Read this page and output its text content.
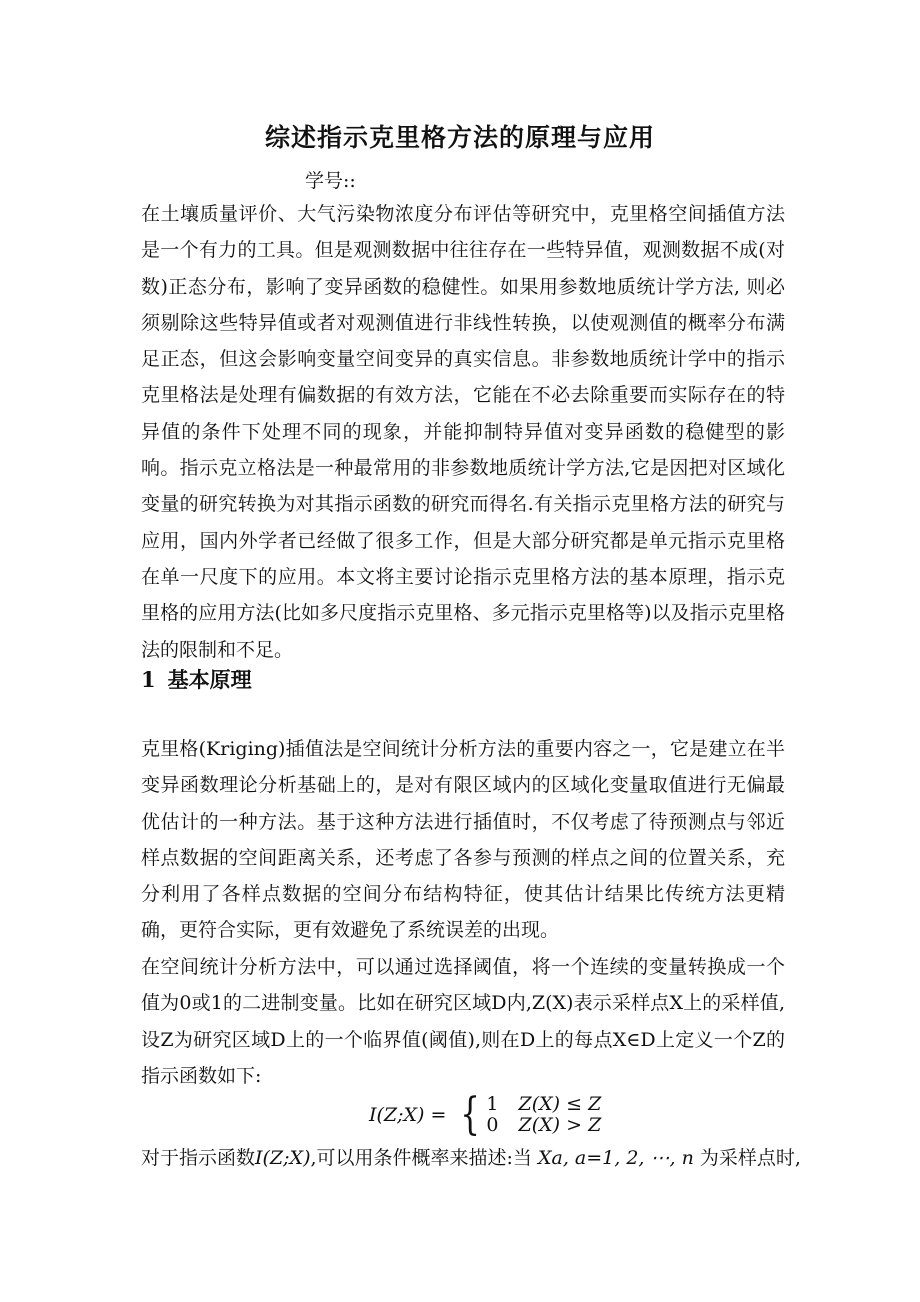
综述指示克里格方法的原理与应用
学号::

在土壤质量评价、大气污染物浓度分布评估等研究中，克里格空间插值方法是一个有力的工具。但是观测数据中往往存在一些特异值，观测数据不成(对数)正态分布，影响了变异函数的稳健性。如果用参数地质统计学方法, 则必须剔除这些特异值或者对观测值进行非线性转换，以使观测值的概率分布满足正态，但这会影响变量空间变异的真实信息。非参数地质统计学中的指示克里格法是处理有偏数据的有效方法，它能在不必去除重要而实际存在的特异值的条件下处理不同的现象，并能抑制特异值对变异函数的稳健型的影响。指示克立格法是一种最常用的非参数地质统计学方法,它是因把对区域化变量的研究转换为对其指示函数的研究而得名.有关指示克里格方法的研究与应用，国内外学者已经做了很多工作，但是大部分研究都是单元指示克里格在单一尺度下的应用。本文将主要讨论指示克里格方法的基本原理，指示克里格的应用方法(比如多尺度指示克里格、多元指示克里格等)以及指示克里格法的限制和不足。

1 基本原理

克里格(Kriging)插值法是空间统计分析方法的重要内容之一，它是建立在半变异函数理论分析基础上的，是对有限区域内的区域化变量取值进行无偏最优估计的一种方法。基于这种方法进行插值时，不仅考虑了待预测点与邻近样点数据的空间距离关系，还考虑了各参与预测的样点之间的位置关系，充分利用了各样点数据的空间分布结构特征，使其估计结果比传统方法更精确，更符合实际，更有效避免了系统误差的出现。

在空间统计分析方法中，可以通过选择阈值，将一个连续的变量转换成一个值为0或1的二进制变量。比如在研究区域D内,Z(X)表示采样点X上的采样值,设Z为研究区域D上的一个临界值(阈值),则在D上的每点X∈D上定义一个Z的指示函数如下:

I(Z;X) = { 1 Z(X) ≤ Z
0 Z(X) > Z
对于指示函数I(Z;X),可以用条件概率来描述:当 Xa, a=1, 2, ⋯, n 为采样点时,
